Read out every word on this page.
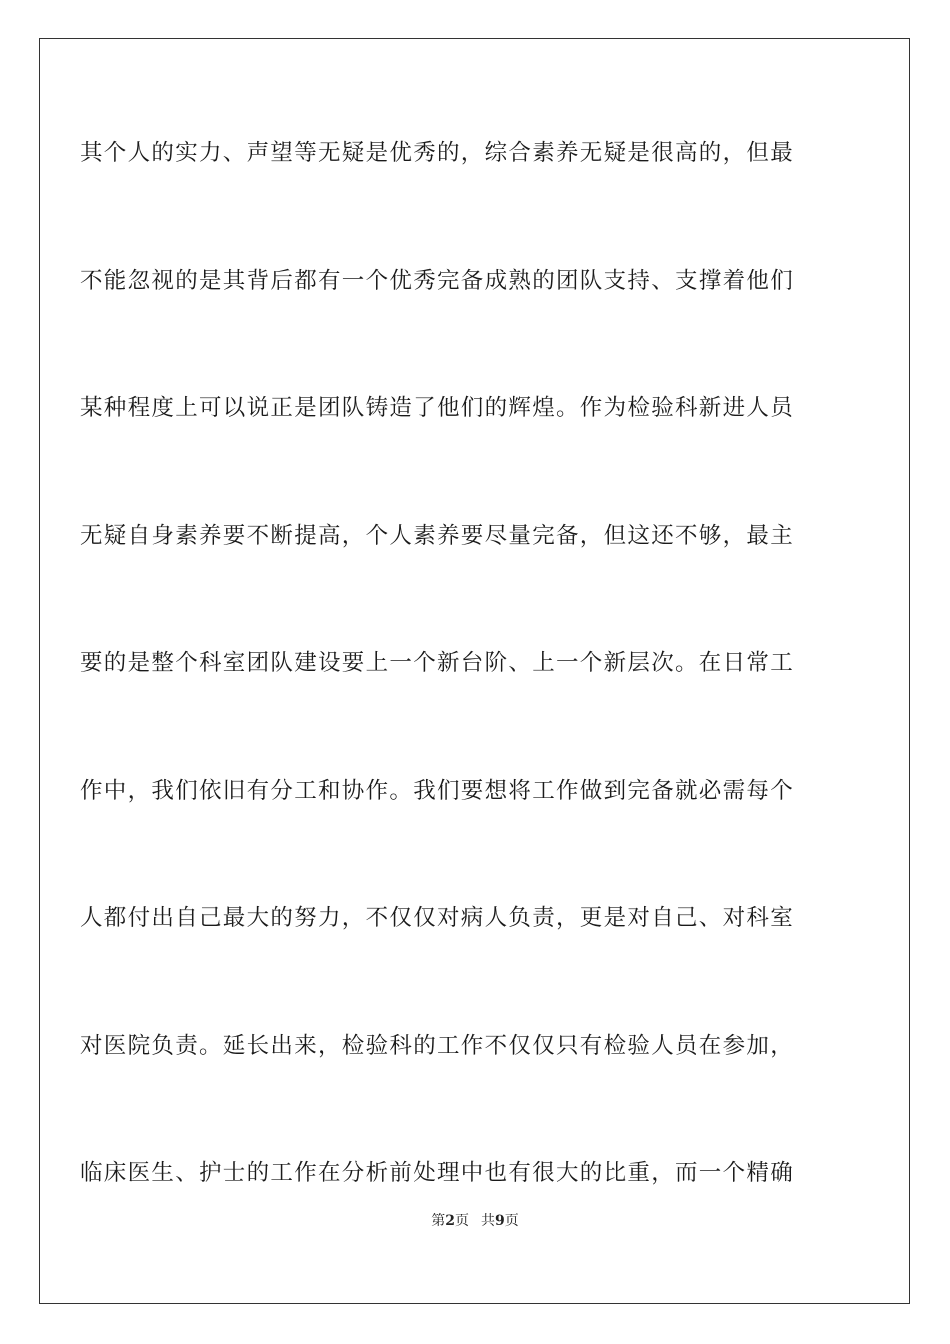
其个人的实力、声望等无疑是优秀的，综合素养无疑是很高的，但最
不能忽视的是其背后都有一个优秀完备成熟的团队支持、支撑着他们
某种程度上可以说正是团队铸造了他们的辉煌。作为检验科新进人员
无疑自身素养要不断提高，个人素养要尽量完备，但这还不够，最主
要的是整个科室团队建设要上一个新台阶、上一个新层次。在日常工
作中，我们依旧有分工和协作。我们要想将工作做到完备就必需每个
人都付出自己最大的努力，不仅仅对病人负责，更是对自己、对科室
对医院负责。延长出来，检验科的工作不仅仅只有检验人员在参加，
临床医生、护士的工作在分析前处理中也有很大的比重，而一个精确
第2页 共9页
